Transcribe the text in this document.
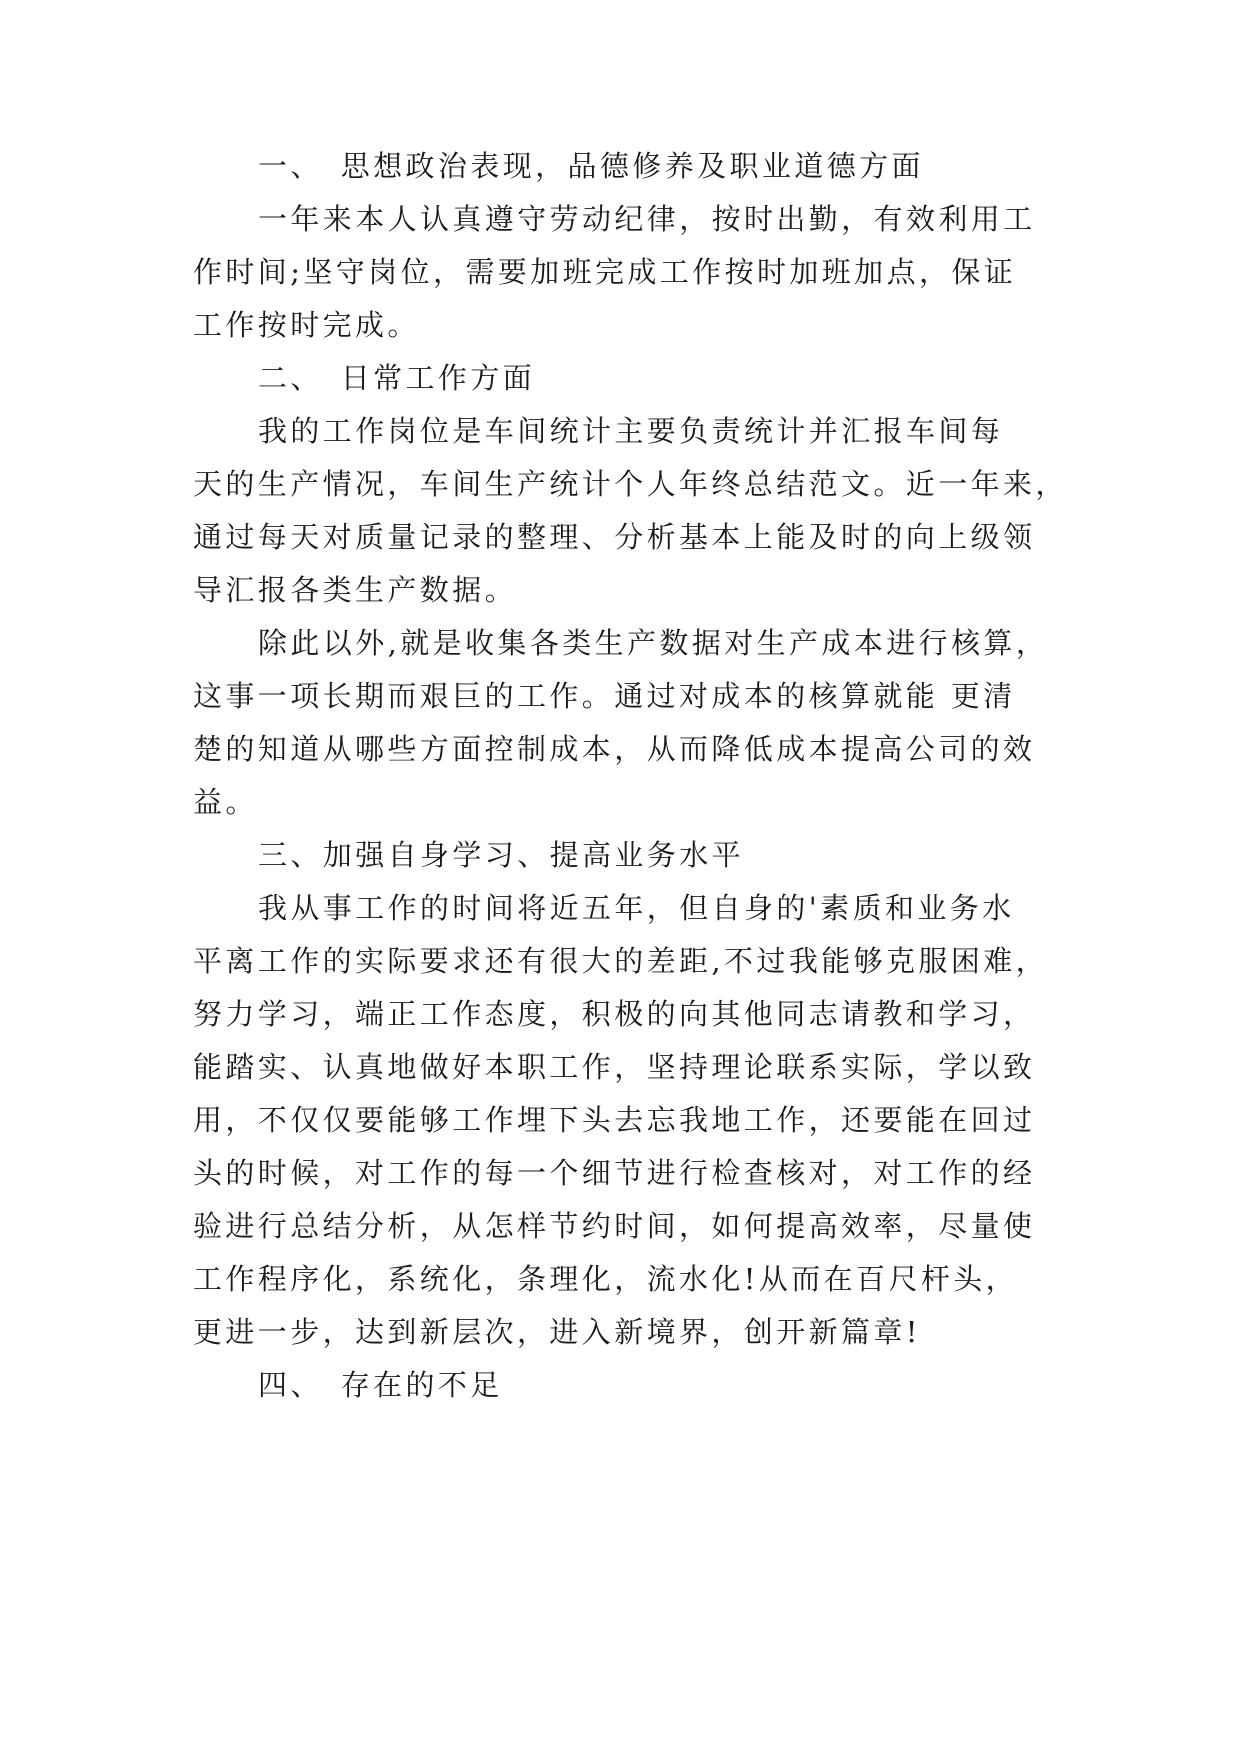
一、　思想政治表现，品德修养及职业道德方面
一年来本人认真遵守劳动纪律，按时出勤，有效利用工
作时间;坚守岗位，需要加班完成工作按时加班加点，保证
工作按时完成。
二、　日常工作方面
我的工作岗位是车间统计主要负责统计并汇报车间每
天的生产情况，车间生产统计个人年终总结范文。近一年来，
通过每天对质量记录的整理、分析基本上能及时的向上级领
导汇报各类生产数据。
除此以外,就是收集各类生产数据对生产成本进行核算，
这事一项长期而艰巨的工作。通过对成本的核算就能 更清
楚的知道从哪些方面控制成本，从而降低成本提高公司的效
益。
三、加强自身学习、提高业务水平
我从事工作的时间将近五年，但自身的'素质和业务水
平离工作的实际要求还有很大的差距,不过我能够克服困难，
努力学习，端正工作态度，积极的向其他同志请教和学习，
能踏实、认真地做好本职工作，坚持理论联系实际，学以致
用，不仅仅要能够工作埋下头去忘我地工作，还要能在回过
头的时候，对工作的每一个细节进行检查核对，对工作的经
验进行总结分析，从怎样节约时间，如何提高效率，尽量使
工作程序化，系统化，条理化，流水化!从而在百尺杆头，
更进一步，达到新层次，进入新境界，创开新篇章!
四、　存在的不足
